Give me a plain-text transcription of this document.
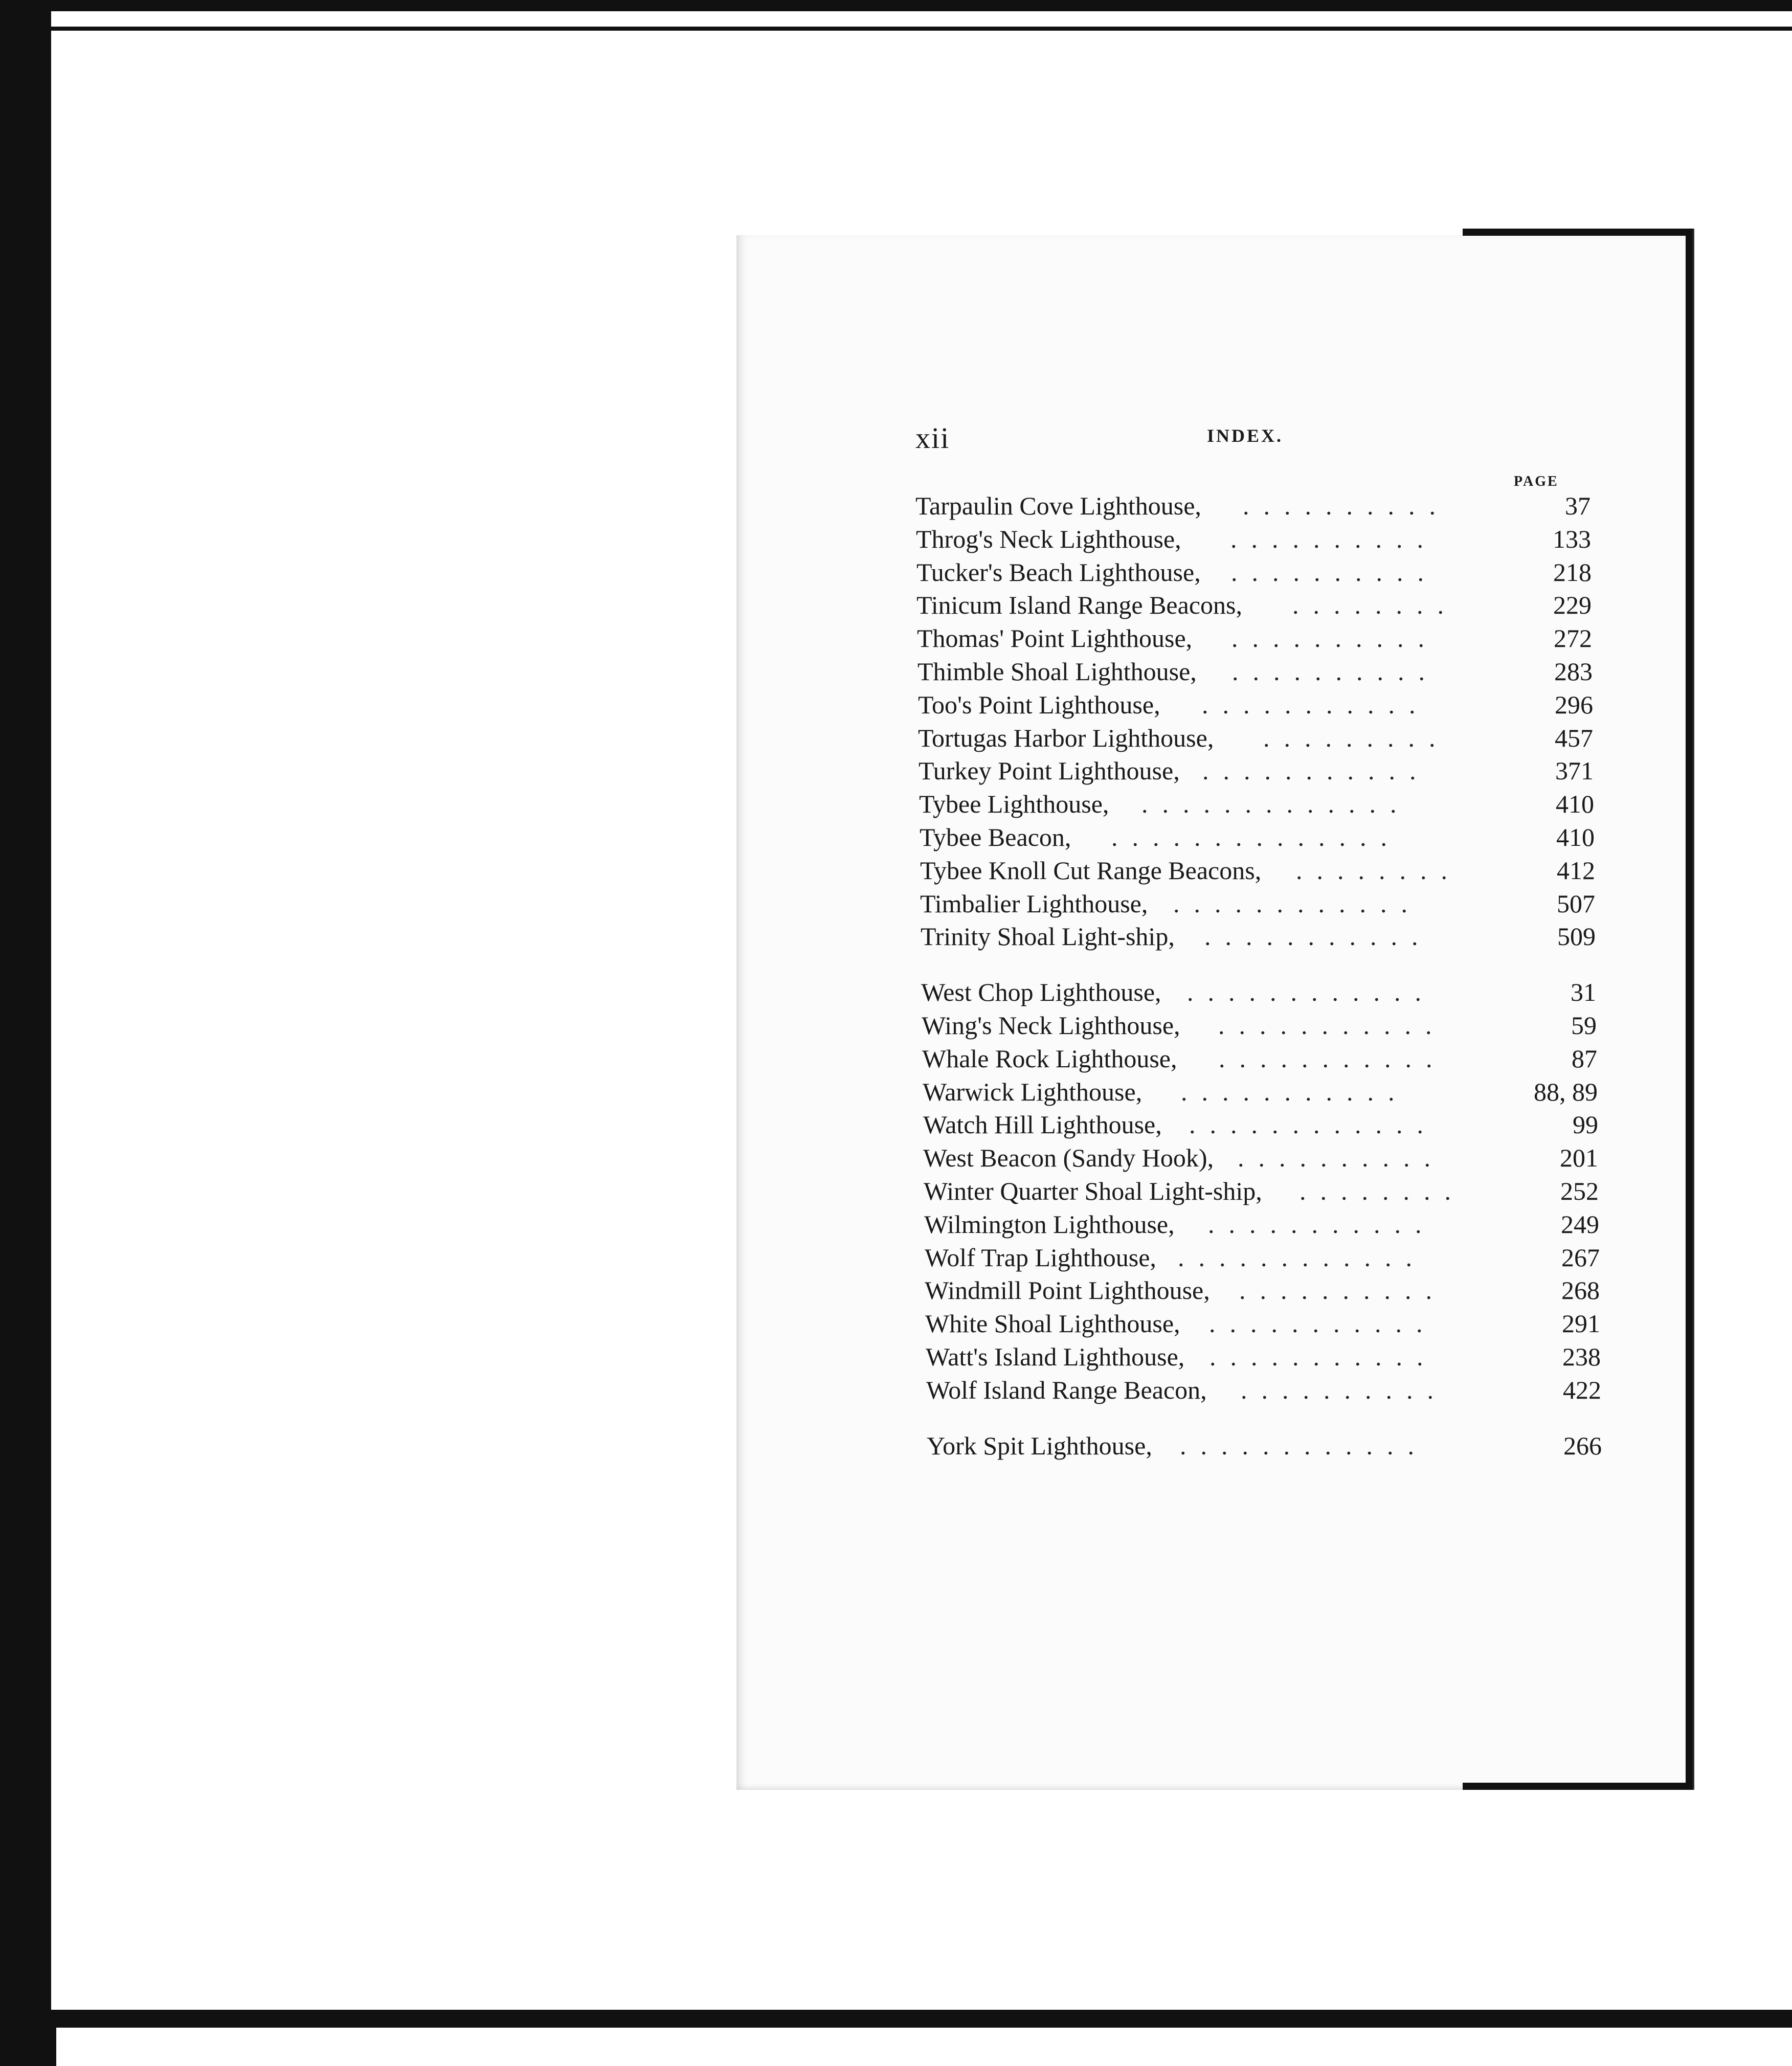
xii	INDEX.
PAGE
Tarpaulin Cove Lighthouse, ..........	37
Throg's Neck Lighthouse, ..........	133
Tucker's Beach Lighthouse, ..........	218
Tinicum Island Range Beacons, ........	229
Thomas' Point Lighthouse, ..........	272
Thimble Shoal Lighthouse, ..........	283
Too's Point Lighthouse, ...........	296
Tortugas Harbor Lighthouse, .........	457
Turkey Point Lighthouse, ...........	371
Tybee Lighthouse, .............	410
Tybee Beacon, ..............	410
Tybee Knoll Cut Range Beacons, ........	412
Timbalier Lighthouse, ............	507
Trinity Shoal Light-ship, ...........	509
West Chop Lighthouse, ............	31
Wing's Neck Lighthouse, ...........	59
Whale Rock Lighthouse, ...........	87
Warwick Lighthouse, ...........	88, 89
Watch Hill Lighthouse, ............	99
West Beacon (Sandy Hook), ..........	201
Winter Quarter Shoal Light-ship, ........	252
Wilmington Lighthouse, ...........	249
Wolf Trap Lighthouse, ............	267
Windmill Point Lighthouse, ..........	268
White Shoal Lighthouse, ...........	291
Watt's Island Lighthouse, ...........	238
Wolf Island Range Beacon, ..........	422
York Spit Lighthouse, ............	266
